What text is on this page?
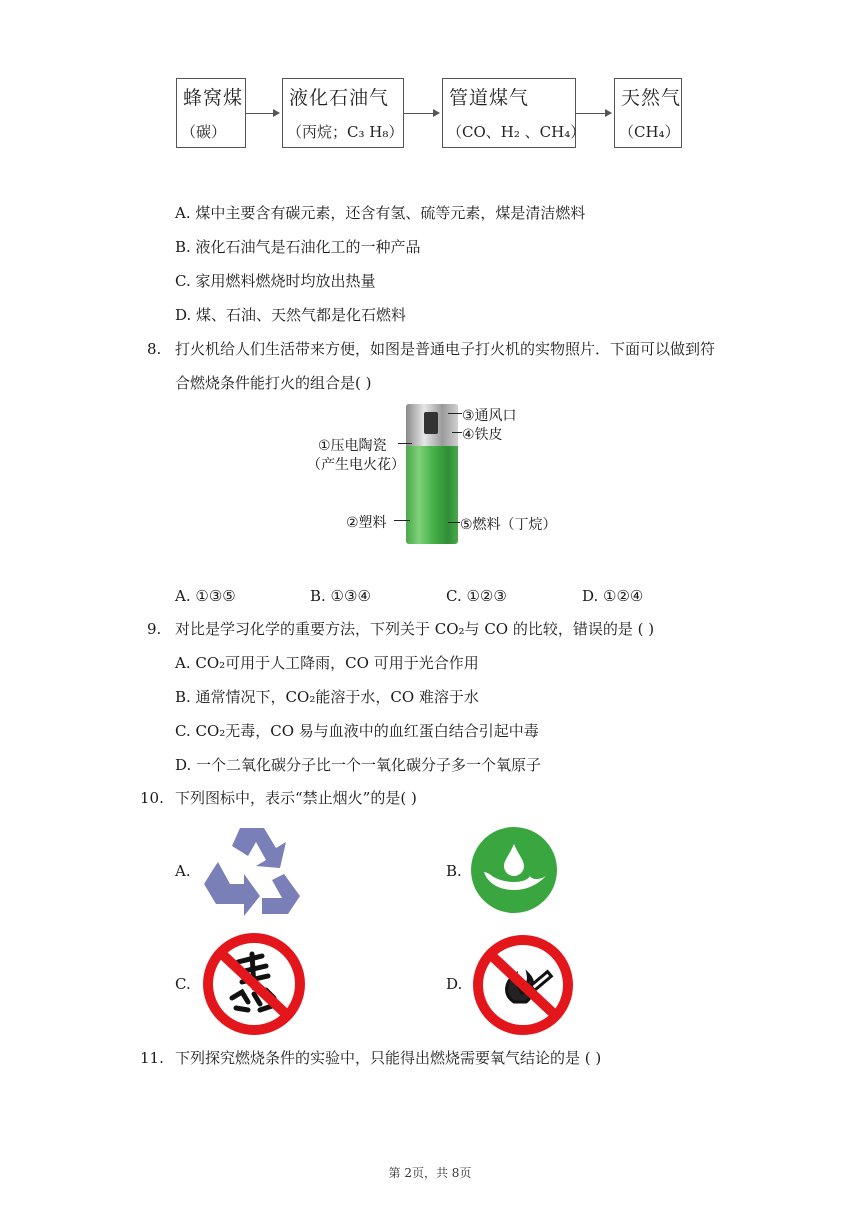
蜂窝煤
（碳）
液化石油气
（丙烷；C₃ H₈）
管道煤气
（CO、H₂ 、CH₄）
天然气
（CH₄）
A. 煤中主要含有碳元素，还含有氢、硫等元素，煤是清洁燃料
B. 液化石油气是石油化工的一种产品
C. 家用燃料燃烧时均放出热量
D. 煤、石油、天然气都是化石燃料
8. 打火机给人们生活带来方便，如图是普通电子打火机的实物照片．下面可以做到符
合燃烧条件能打火的组合是( )
③通风口
④铁皮
①压电陶瓷
（产生电火花）
②塑料	⑤燃料（丁烷）
A. ①③⑤	B. ①③④	C. ①②③	D. ①②④
9. 对比是学习化学的重要方法，下列关于 CO₂与 CO 的比较，错误的是 ( )
A. CO₂可用于人工降雨，CO 可用于光合作用
B. 通常情况下，CO₂能溶于水，CO 难溶于水
C. CO₂无毒，CO 易与血液中的血红蛋白结合引起中毒
D. 一个二氧化碳分子比一个一氧化碳分子多一个氧原子
10. 下列图标中，表示“禁止烟火”的是( )
A.	B.
C.	D.
11. 下列探究燃烧条件的实验中，只能得出燃烧需要氧气结论的是 ( )
第 2页，共 8页
